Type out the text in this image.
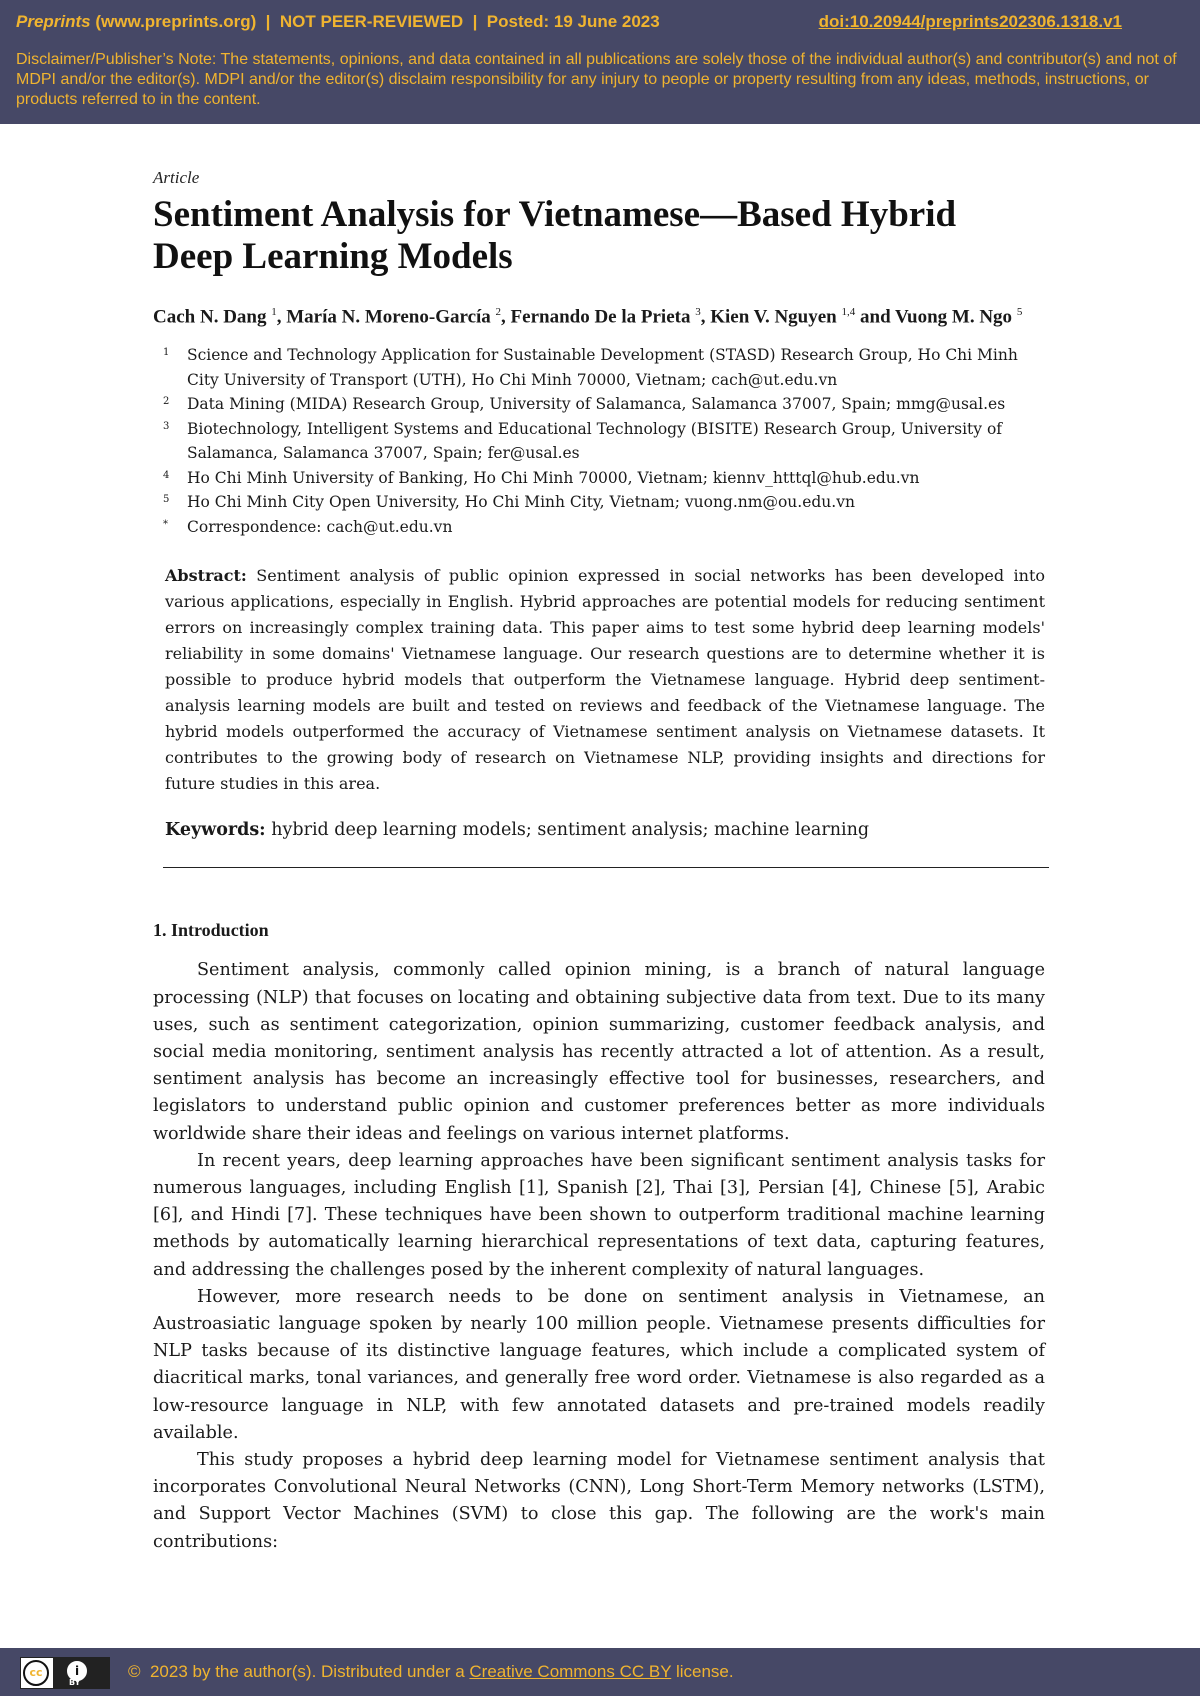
Preprints (www.preprints.org)  |  NOT PEER-REVIEWED  |  Posted: 19 June 2023	doi:10.20944/preprints202306.1318.v1
Disclaimer/Publisher’s Note: The statements, opinions, and data contained in all publications are solely those of the individual author(s) and contributor(s) and not of MDPI and/or the editor(s). MDPI and/or the editor(s) disclaim responsibility for any injury to people or property resulting from any ideas, methods, instructions, or products referred to in the content.

Article

Sentiment Analysis for Vietnamese—Based Hybrid Deep Learning Models
Cach N. Dang $^1$, María N. Moreno-García $^2$, Fernando De la Prieta $^3$, Kien V. Nguyen $^{1,4}$ and Vuong M. Ngo $^5$
1 Science and Technology Application for Sustainable Development (STASD) Research Group, Ho Chi Minh City University of Transport (UTH), Ho Chi Minh 70000, Vietnam; cach@ut.edu.vn
2 Data Mining (MIDA) Research Group, University of Salamanca, Salamanca 37007, Spain; mmg@usal.es
3 Biotechnology, Intelligent Systems and Educational Technology (BISITE) Research Group, University of Salamanca, Salamanca 37007, Spain; fer@usal.es
4 Ho Chi Minh University of Banking, Ho Chi Minh 70000, Vietnam; kiennv_htttql@hub.edu.vn
5 Ho Chi Minh City Open University, Ho Chi Minh City, Vietnam; vuong.nm@ou.edu.vn
* Correspondence: cach@ut.edu.vn
Abstract: Sentiment analysis of public opinion expressed in social networks has been developed into various applications, especially in English. Hybrid approaches are potential models for reducing sentiment errors on increasingly complex training data. This paper aims to test some hybrid deep learning models' reliability in some domains' Vietnamese language. Our research questions are to determine whether it is possible to produce hybrid models that outperform the Vietnamese language. Hybrid deep sentiment-analysis learning models are built and tested on reviews and feedback of the Vietnamese language. The hybrid models outperformed the accuracy of Vietnamese sentiment analysis on Vietnamese datasets. It contributes to the growing body of research on Vietnamese NLP, providing insights and directions for future studies in this area.
Keywords: hybrid deep learning models; sentiment analysis; machine learning
1. Introduction

Sentiment analysis, commonly called opinion mining, is a branch of natural language processing (NLP) that focuses on locating and obtaining subjective data from text. Due to its many uses, such as sentiment categorization, opinion summarizing, customer feedback analysis, and social media monitoring, sentiment analysis has recently attracted a lot of attention. As a result, sentiment analysis has become an increasingly effective tool for businesses, researchers, and legislators to understand public opinion and customer preferences better as more individuals worldwide share their ideas and feelings on various internet platforms.

In recent years, deep learning approaches have been significant sentiment analysis tasks for numerous languages, including English [1], Spanish [2], Thai [3], Persian [4], Chinese [5], Arabic [6], and Hindi [7]. These techniques have been shown to outperform traditional machine learning methods by automatically learning hierarchical representations of text data, capturing features, and addressing the challenges posed by the inherent complexity of natural languages.

However, more research needs to be done on sentiment analysis in Vietnamese, an Austroasiatic language spoken by nearly 100 million people. Vietnamese presents difficulties for NLP tasks because of its distinctive language features, which include a complicated system of diacritical marks, tonal variances, and generally free word order. Vietnamese is also regarded as a low-resource language in NLP, with few annotated datasets and pre-trained models readily available.

This study proposes a hybrid deep learning model for Vietnamese sentiment analysis that incorporates Convolutional Neural Networks (CNN), Long Short-Term Memory networks (LSTM), and Support Vector Machines (SVM) to close this gap. The following are the work's main contributions:

cc	i
BY
©  2023 by the author(s). Distributed under a Creative Commons CC BY license.
